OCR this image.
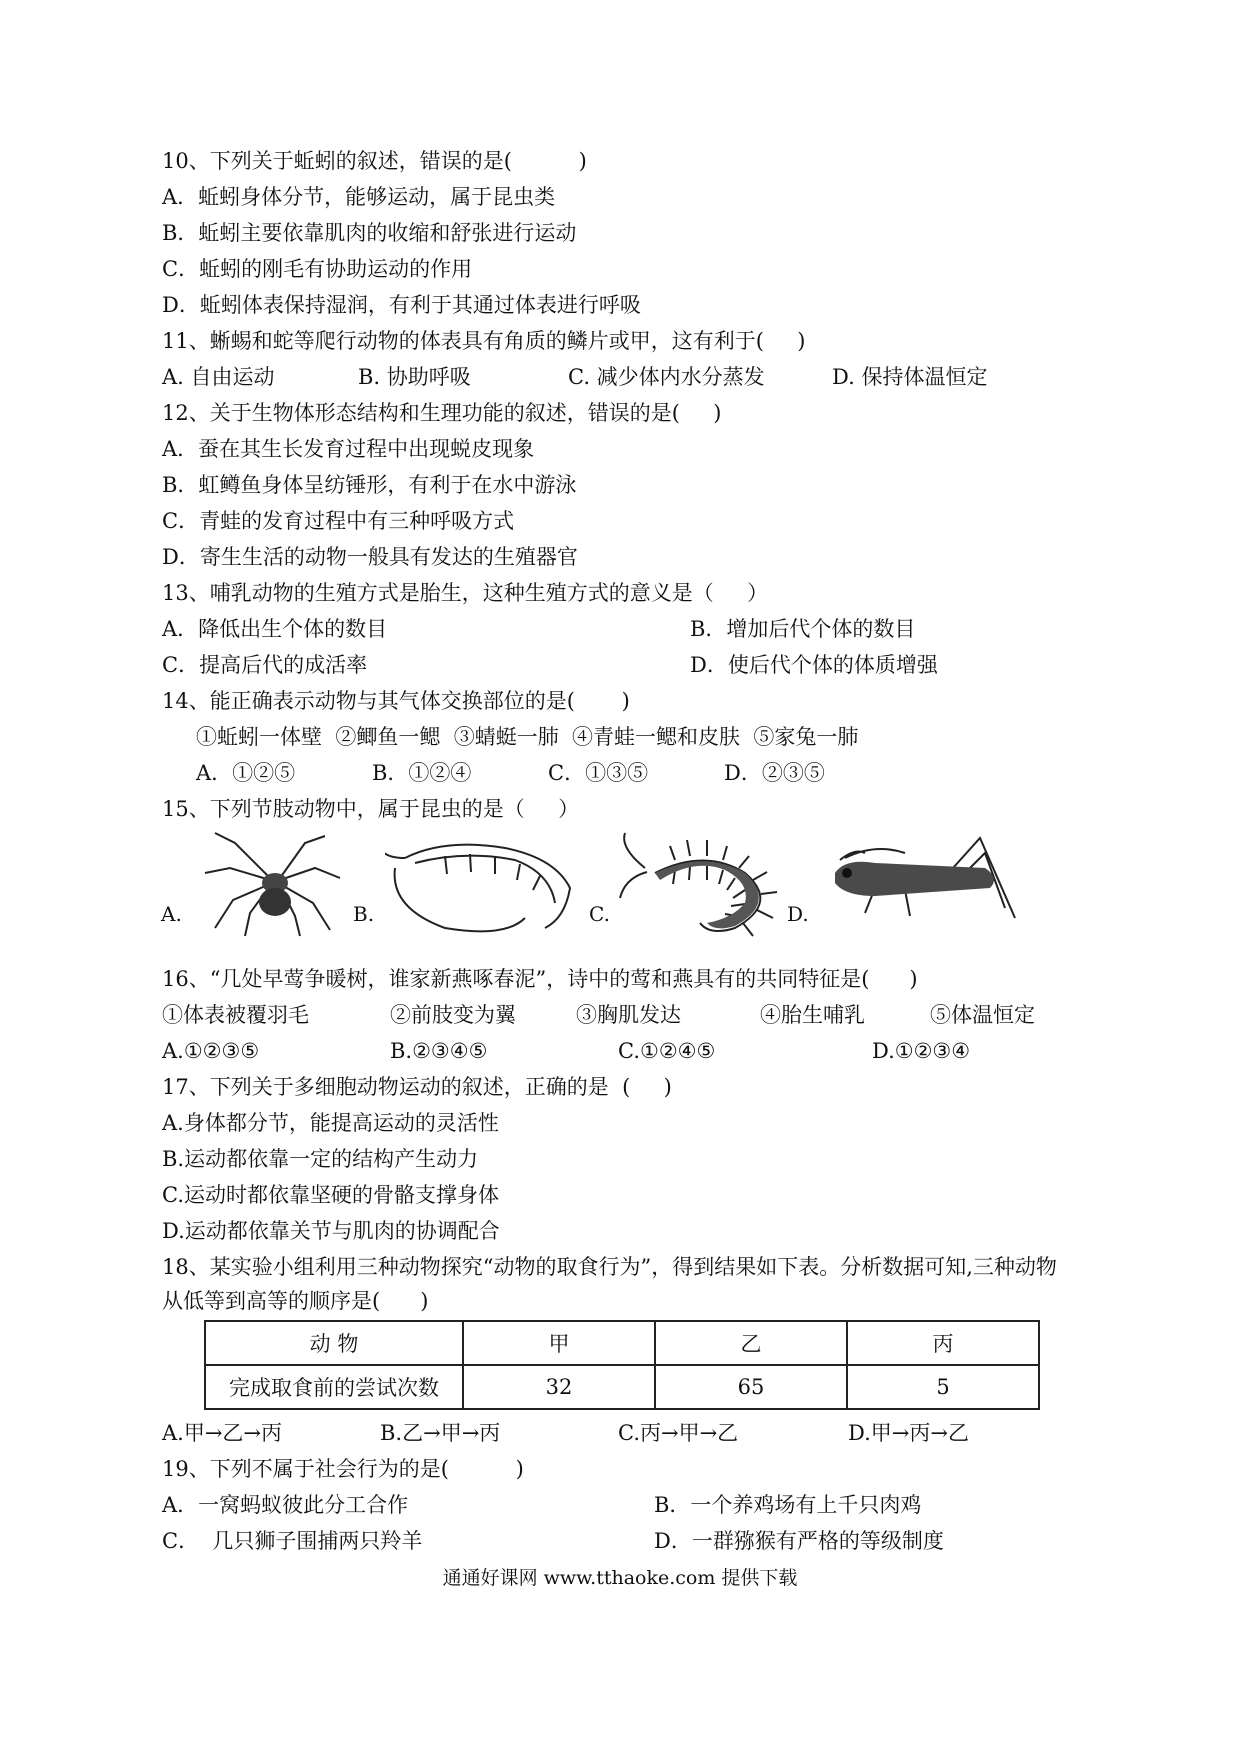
10、下列关于蚯蚓的叙述，错误的是(          )
A．蚯蚓身体分节，能够运动，属于昆虫类
B．蚯蚓主要依靠肌肉的收缩和舒张进行运动
C．蚯蚓的刚毛有协助运动的作用
D．蚯蚓体表保持湿润，有利于其通过体表进行呼吸
11、蜥蜴和蛇等爬行动物的体表具有角质的鳞片或甲，这有利于(     )
A. 自由运动	B. 协助呼吸	C. 减少体内水分蒸发	D. 保持体温恒定
12、关于生物体形态结构和生理功能的叙述，错误的是(     )
A．蚕在其生长发育过程中出现蜕皮现象
B．虹鳟鱼身体呈纺锤形，有利于在水中游泳
C．青蛙的发育过程中有三种呼吸方式
D．寄生生活的动物一般具有发达的生殖器官
13、哺乳动物的生殖方式是胎生，这种生殖方式的意义是（     ）
A．降低出生个体的数目	B．增加后代个体的数目
C．提高后代的成活率	D．使后代个体的体质增强
14、能正确表示动物与其气体交换部位的是(       )
①蚯蚓一体壁  ②鲫鱼一鳃  ③蜻蜓一肺  ④青蛙一鳃和皮肤  ⑤家兔一肺
A．①②⑤	B．①②④	C．①③⑤	D．②③⑤
15、下列节肢动物中，属于昆虫的是（     ）
A.	B.	C.	D.
16、“几处早莺争暖树，谁家新燕啄春泥”，诗中的莺和燕具有的共同特征是(      )
①体表被覆羽毛	②前肢变为翼	③胸肌发达	④胎生哺乳	⑤体温恒定
A.①②③⑤	B.②③④⑤	C.①②④⑤	D.①②③④
17、下列关于多细胞动物运动的叙述，正确的是  (     )
A.身体都分节，能提高运动的灵活性
B.运动都依靠一定的结构产生动力
C.运动时都依靠坚硬的骨骼支撑身体
D.运动都依靠关节与肌肉的协调配合
18、某实验小组利用三种动物探究“动物的取食行为”，得到结果如下表。分析数据可知,三种动物
从低等到高等的顺序是(      )
动 物	甲	乙	丙
完成取食前的尝试次数	32	65	5
A.甲→乙→丙	B.乙→甲→丙	C.丙→甲→乙	D.甲→丙→乙
19、下列不属于社会行为的是(          )
A．一窝蚂蚁彼此分工合作	B．一个养鸡场有上千只肉鸡
C．  几只狮子围捕两只羚羊	D．一群猕猴有严格的等级制度
通通好课网 www.tthaoke.com 提供下载
